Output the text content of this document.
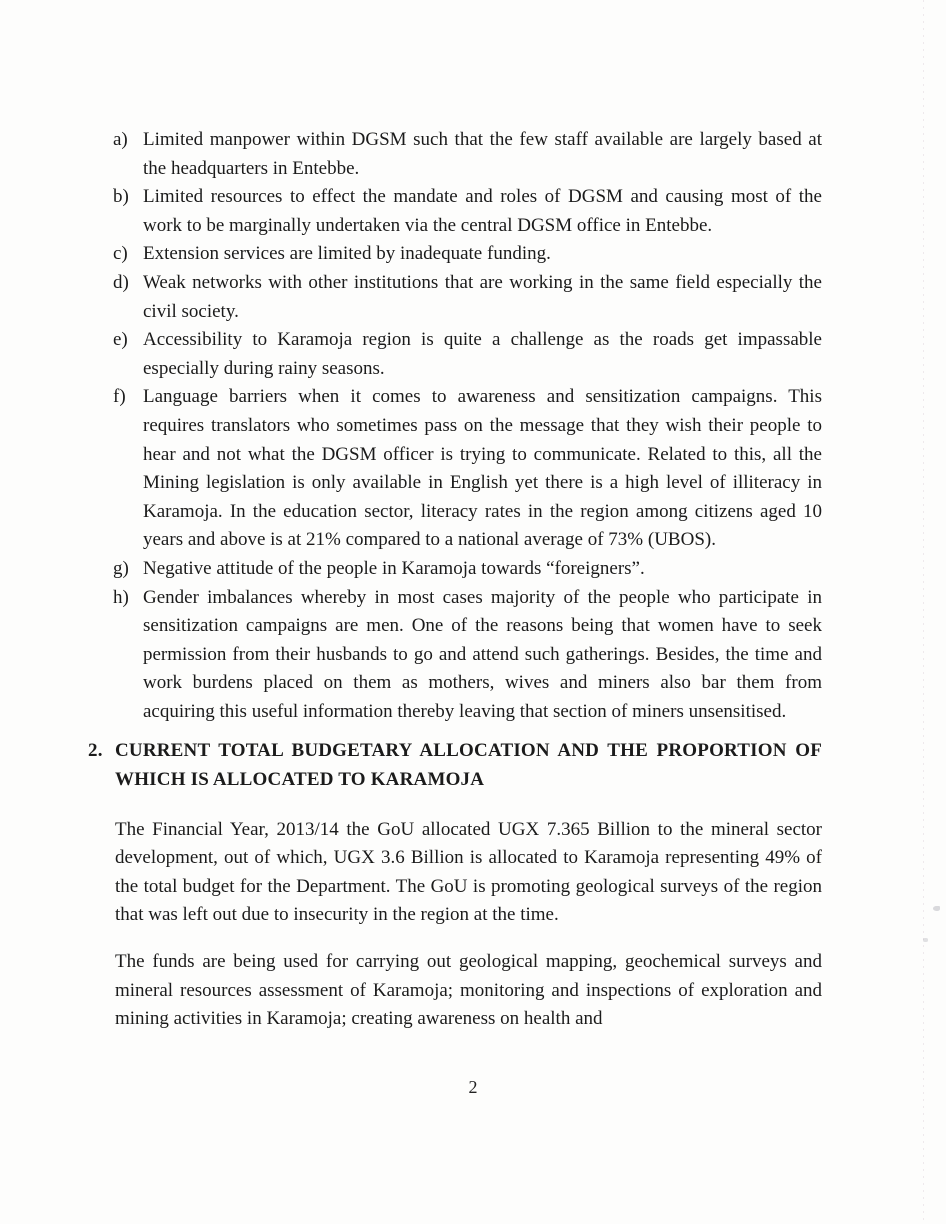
a) Limited manpower within DGSM such that the few staff available are largely based at the headquarters in Entebbe.
b) Limited resources to effect the mandate and roles of DGSM and causing most of the work to be marginally undertaken via the central DGSM office in Entebbe.
c) Extension services are limited by inadequate funding.
d) Weak networks with other institutions that are working in the same field especially the civil society.
e) Accessibility to Karamoja region is quite a challenge as the roads get impassable especially during rainy seasons.
f) Language barriers when it comes to awareness and sensitization campaigns. This requires translators who sometimes pass on the message that they wish their people to hear and not what the DGSM officer is trying to communicate. Related to this, all the Mining legislation is only available in English yet there is a high level of illiteracy in Karamoja. In the education sector, literacy rates in the region among citizens aged 10 years and above is at 21% compared to a national average of 73% (UBOS).
g) Negative attitude of the people in Karamoja towards “foreigners”.
h) Gender imbalances whereby in most cases majority of the people who participate in sensitization campaigns are men. One of the reasons being that women have to seek permission from their husbands to go and attend such gatherings. Besides, the time and work burdens placed on them as mothers, wives and miners also bar them from acquiring this useful information thereby leaving that section of miners unsensitised.
2. CURRENT TOTAL BUDGETARY ALLOCATION AND THE PROPORTION OF WHICH IS ALLOCATED TO KARAMOJA
The Financial Year, 2013/14 the GoU allocated UGX 7.365 Billion to the mineral sector development, out of which, UGX 3.6 Billion is allocated to Karamoja representing 49% of the total budget for the Department. The GoU is promoting geological surveys of the region that was left out due to insecurity in the region at the time.
The funds are being used for carrying out geological mapping, geochemical surveys and mineral resources assessment of Karamoja; monitoring and inspections of exploration and mining activities in Karamoja; creating awareness on health and
2
